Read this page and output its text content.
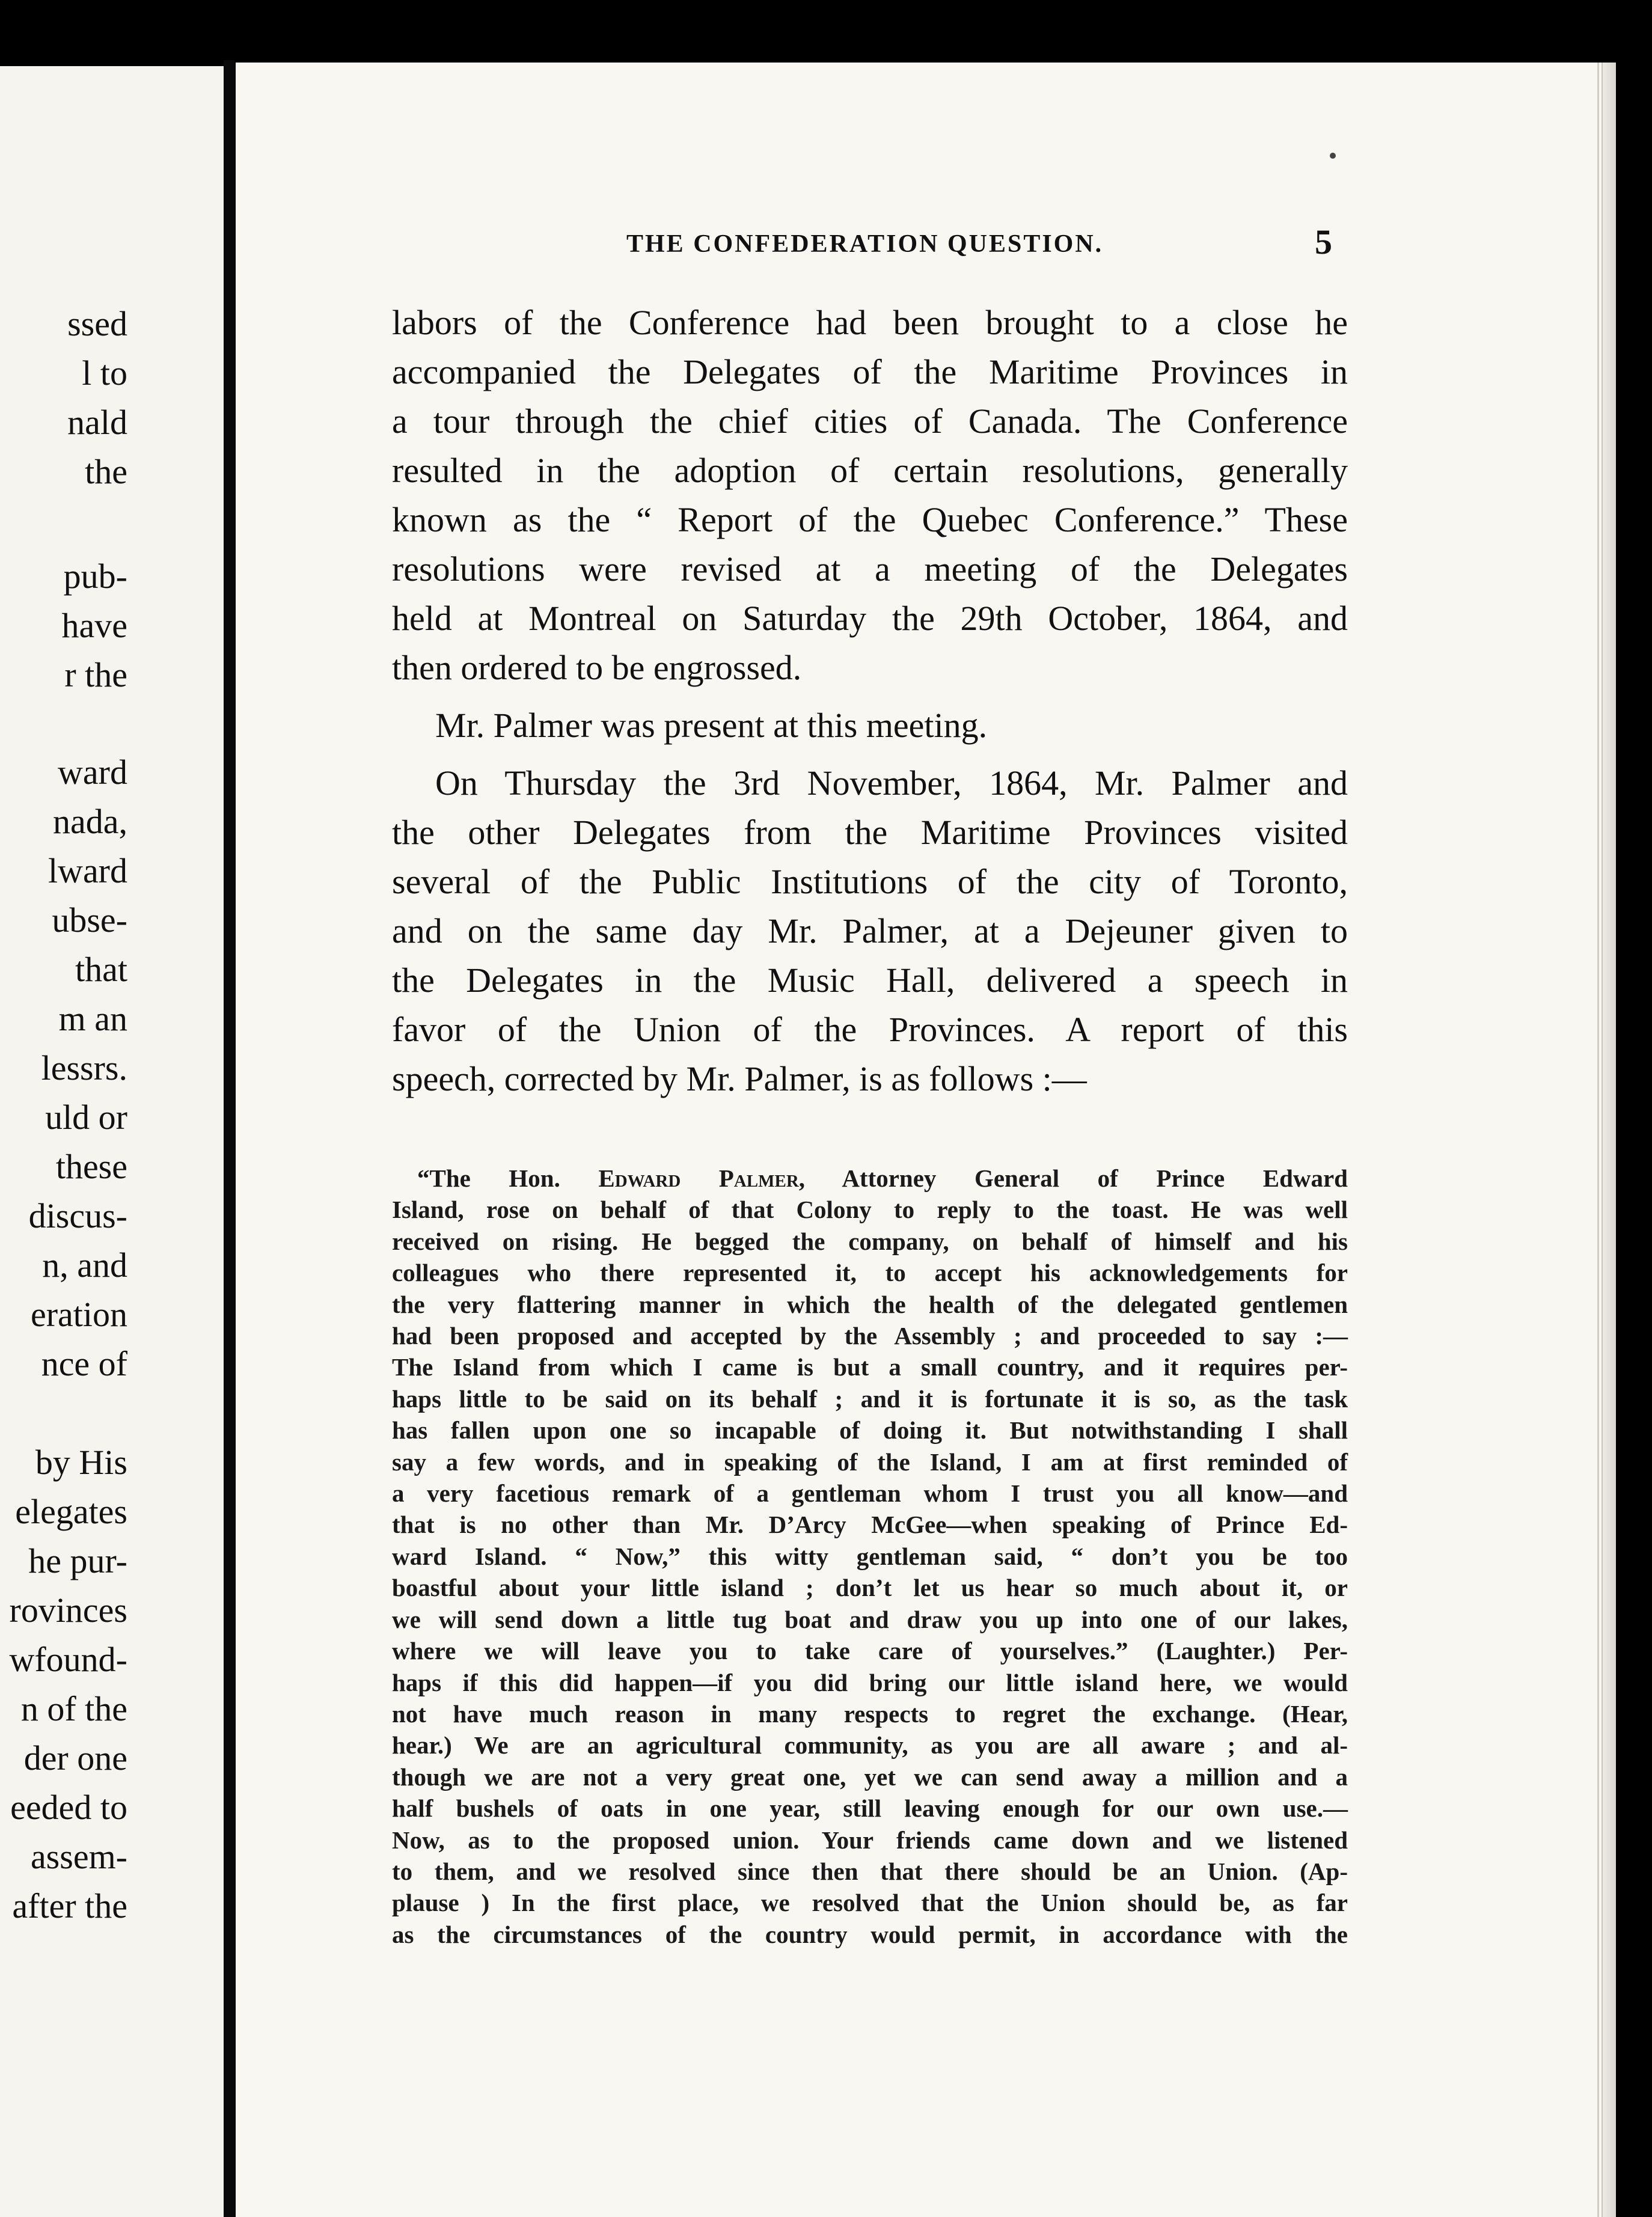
ssed
l to
nald
the
pub-
have
r the
ward
nada,
lward
ubse-
that
m an
lessrs.
uld or
these
discus-
n, and
eration
nce of
by His
elegates
he pur-
rovinces
wfound-
n of the
der one
eeded to
assem-
after the
THE CONFEDERATION QUESTION.	5
labors of the Conference had been brought to a close he
accompanied the Delegates of the Maritime Provinces in
a tour through the chief cities of Canada. The Conference
resulted in the adoption of certain resolutions, generally
known as the “ Report of the Quebec Conference.” These
resolutions were revised at a meeting of the Delegates
held at Montreal on Saturday the 29th October, 1864, and
then ordered to be engrossed.
Mr. Palmer was present at this meeting.
On Thursday the 3rd November, 1864, Mr. Palmer and
the other Delegates from the Maritime Provinces visited
several of the Public Institutions of the city of Toronto,
and on the same day Mr. Palmer, at a Dejeuner given to
the Delegates in the Music Hall, delivered a speech in
favor of the Union of the Provinces. A report of this
speech, corrected by Mr. Palmer, is as follows :—
“The Hon. Edward Palmer, Attorney General of Prince Edward
Island, rose on behalf of that Colony to reply to the toast. He was well
received on rising. He begged the company, on behalf of himself and his
colleagues who there represented it, to accept his acknowledgements for
the very flattering manner in which the health of the delegated gentlemen
had been proposed and accepted by the Assembly ; and proceeded to say :—
The Island from which I came is but a small country, and it requires per-
haps little to be said on its behalf ; and it is fortunate it is so, as the task
has fallen upon one so incapable of doing it. But notwithstanding I shall
say a few words, and in speaking of the Island, I am at first reminded of
a very facetious remark of a gentleman whom I trust you all know—and
that is no other than Mr. D’Arcy McGee—when speaking of Prince Ed-
ward Island. “ Now,” this witty gentleman said, “ don’t you be too
boastful about your little island ; don’t let us hear so much about it, or
we will send down a little tug boat and draw you up into one of our lakes,
where we will leave you to take care of yourselves.” (Laughter.) Per-
haps if this did happen—if you did bring our little island here, we would
not have much reason in many respects to regret the exchange. (Hear,
hear.) We are an agricultural community, as you are all aware ; and al-
though we are not a very great one, yet we can send away a million and a
half bushels of oats in one year, still leaving enough for our own use.—
Now, as to the proposed union. Your friends came down and we listened
to them, and we resolved since then that there should be an Union. (Ap-
plause ) In the first place, we resolved that the Union should be, as far
as the circumstances of the country would permit, in accordance with the
